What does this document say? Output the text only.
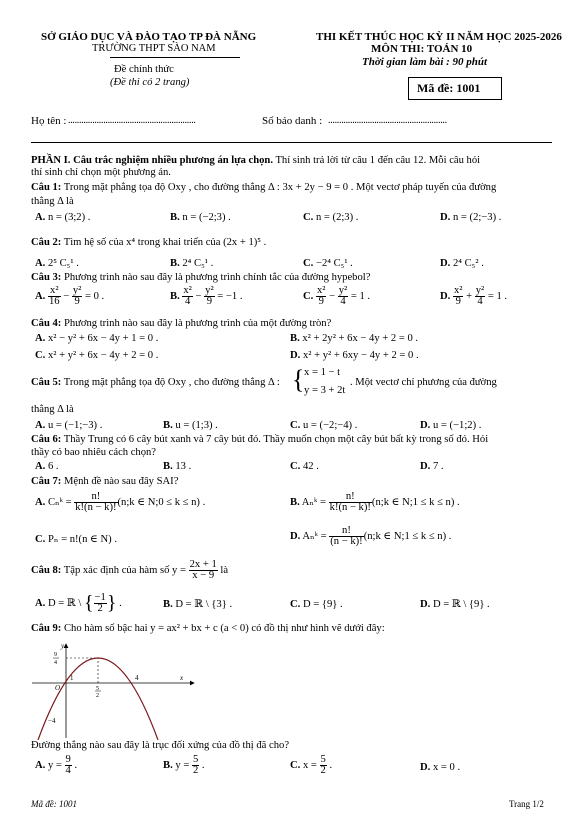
SỞ GIÁO DỤC VÀ ĐÀO TẠO TP ĐÀ NẴNG
TRƯỜNG THPT SÀO NAM
Đề chính thức
(Đề thi có 2 trang)
THI KẾT THÚC HỌC KỲ II NĂM HỌC 2025-2026
MÔN THI: TOÁN 10
Thời gian làm bài : 90 phút
Mã đề: 1001
Họ tên : ..........................................................	Số báo danh : ......................................................
PHẦN I. Câu trắc nghiệm nhiều phương án lựa chọn. Thí sinh trả lời từ câu 1 đến câu 12. Mỗi câu hỏi
thí sinh chỉ chọn một phương án.
Câu 1: Trong mặt phẳng tọa độ Oxy , cho đường thẳng Δ : 3x + 2y − 9 = 0 . Một vectơ pháp tuyến của đường
thẳng Δ là
A. n = (3;2) .	B. n = (−2;3) .	C. n = (2;3) .	D. n = (2;−3) .
Câu 2: Tìm hệ số của x⁴ trong khai triển của (2x + 1)⁵ .
A. 2⁵ C₅¹ .	B. 2⁴ C₅¹ .	C. −2⁴ C₅¹ .	D. 2⁴ C₅² .
Câu 3: Phương trình nào sau đây là phương trình chính tắc của đường hypebol?
A. $\frac{\text{x²}}{16} - \frac{\text{y²}}{9} = 0$ .	B. $\frac{\text{x²}}{4} - \frac{\text{y²}}{9} = -1$ .	C. $\frac{\text{x²}}{9} - \frac{\text{y²}}{4} = 1$ .	D. $\frac{\text{x²}}{9} + \frac{\text{y²}}{4} = 1$ .
Câu 4: Phương trình nào sau đây là phương trình của một đường tròn?
A. x² − y² + 6x − 4y + 1 = 0 .	B. x² + 2y² + 6x − 4y + 2 = 0 .
C. x² + y² + 6x − 4y + 2 = 0 .	D. x² + y² + 6xy − 4y + 2 = 0 .
Câu 5: Trong mặt phẳng tọa độ Oxy , cho đường thẳng Δ : { x = 1 − t
y = 3 + 2t
. Một vectơ chỉ phương của đường
thẳng Δ là
A. u = (−1;−3) .	B. u = (1;3) .	C. u = (−2;−4) .	D. u = (−1;2) .
Câu 6: Thầy Trung có 6 cây bút xanh và 7 cây bút đỏ. Thầy muốn chọn một cây bút bất kỳ trong số đó. Hỏi
thầy có bao nhiêu cách chọn?
A. 6 .	B. 13 .	C. 42 .	D. 7 .
Câu 7: Mệnh đề nào sau đây SAI?
A. Cₙᵏ = $\frac{n!}{k!(n - k)!}$ (n;k ∈ N;0 ≤ k ≤ n) .	B. Aₙᵏ = $\frac{n!}{k!(n - k)!}$ (n;k ∈ N;1 ≤ k ≤ n) .
C. Pₙ = n!(n ∈ N) .	D. Aₙᵏ = $\frac{n!}{(n - k)!}$ (n;k ∈ N;1 ≤ k ≤ n) .
Câu 8: Tập xác định của hàm số $y = \frac{2x + 1}{x - 9}$ là
A. D = ℝ \ { $\frac{-1}{2}$ } .	B. D = ℝ \ {3} .	C. D = {9} .	D. D = ℝ \ {9} .
Câu 9: Cho hàm số bậc hai y = ax² + bx + c (a < 0) có đồ thị như hình vẽ dưới đây:
y
x
O
1	4
−4
9
4
5
2
Đường thẳng nào sau đây là trục đối xứng của đồ thị đã cho?
A. $y = \frac{9}{4}$ .	B. $y = \frac{5}{2}$ .	C. $x = \frac{5}{2}$ .	D. x = 0 .
Mã đề: 1001	Trang 1/2
